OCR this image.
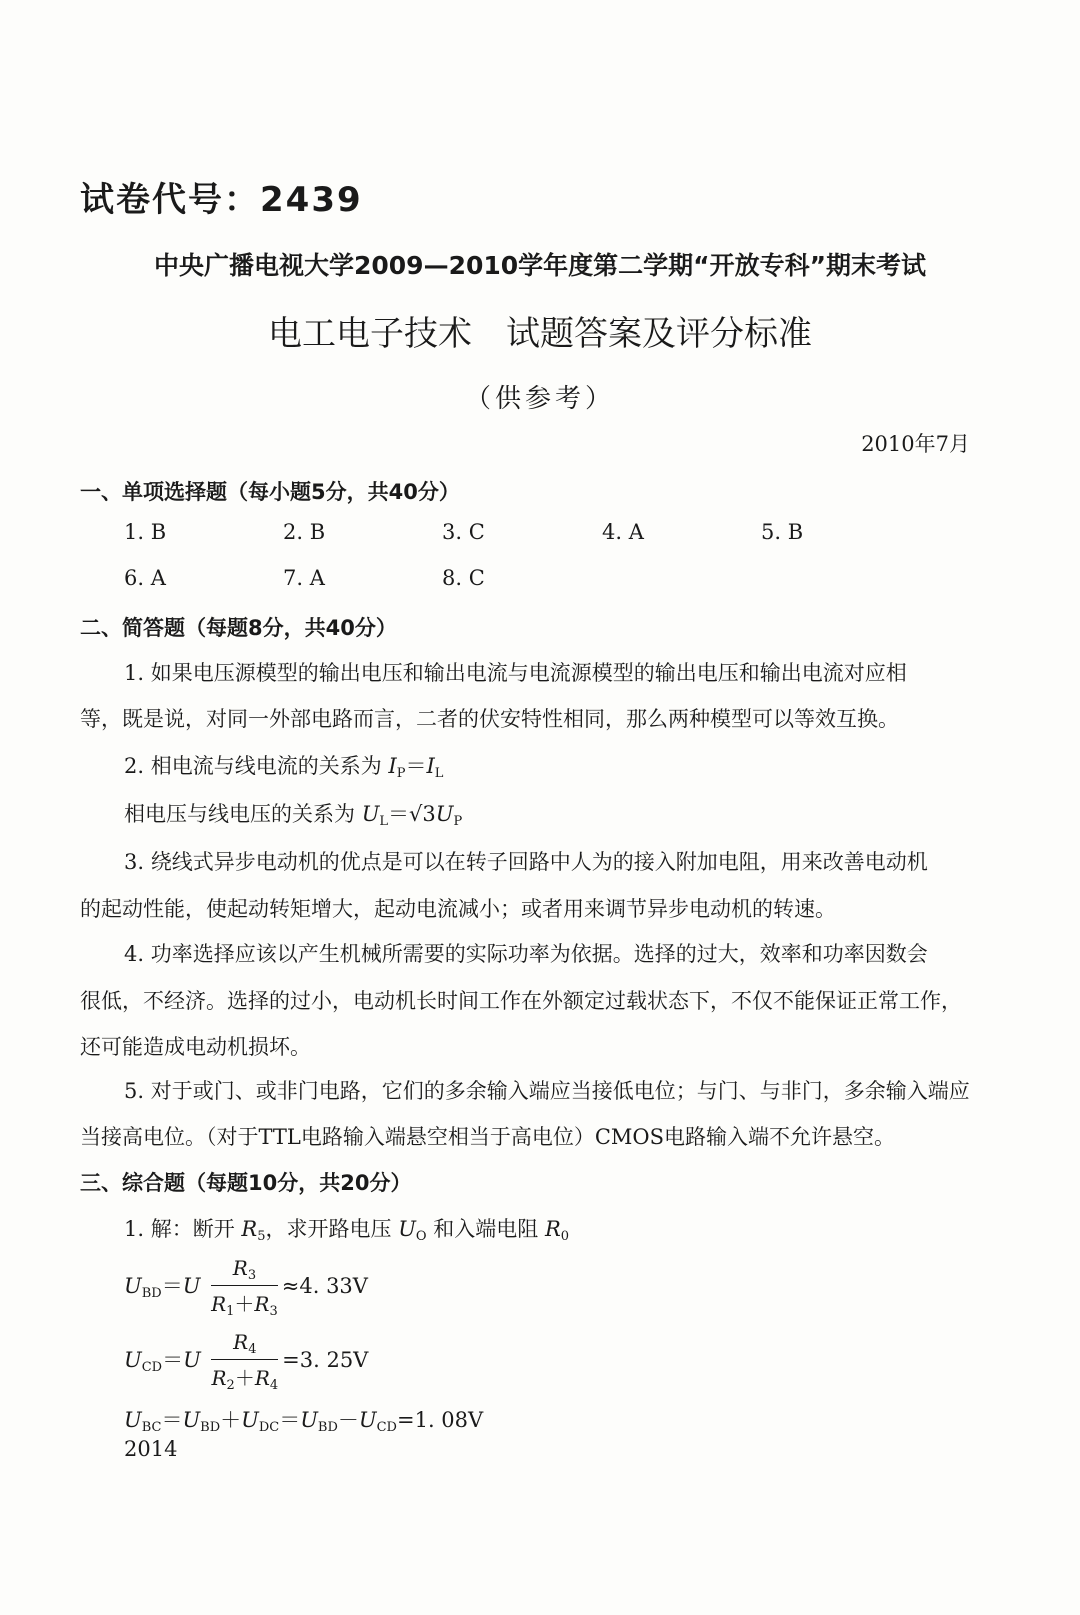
试卷代号：2439
中央广播电视大学2009—2010学年度第二学期“开放专科”期末考试
电工电子技术　试题答案及评分标准
（供参考）
2010年7月
一、单项选择题（每小题5分，共40分）
1. B	2. B	3. C	4. A	5. B
6. A	7. A	8. C
二、简答题（每题8分，共40分）
1. 如果电压源模型的输出电压和输出电流与电流源模型的输出电压和输出电流对应相
等，既是说，对同一外部电路而言，二者的伏安特性相同，那么两种模型可以等效互换。
2. 相电流与线电流的关系为 $I_P=I_L$
相电压与线电压的关系为 $U_L=√3U_P$
3. 绕线式异步电动机的优点是可以在转子回路中人为的接入附加电阻，用来改善电动机
的起动性能，使起动转矩增大，起动电流减小；或者用来调节异步电动机的转速。
4. 功率选择应该以产生机械所需要的实际功率为依据。选择的过大，效率和功率因数会
很低，不经济。选择的过小，电动机长时间工作在外额定过载状态下，不仅不能保证正常工作，
还可能造成电动机损坏。
5. 对于或门、或非门电路，它们的多余输入端应当接低电位；与门、与非门，多余输入端应
当接高电位。（对于TTL电路输入端悬空相当于高电位）CMOS电路输入端不允许悬空。
三、综合题（每题10分，共20分）
1. 解：断开 $R_5$，求开路电压 $U_O$ 和入端电阻 $R_0$
$U_{BD}=U \frac{R_3}{R_1+R_3} \approx 4$. 33V
$U_{CD}=U \frac{R_4}{R_2+R_4} =3$. 25V
$U_{BC}=U_{BD}+U_{DC}=U_{BD}-U_{CD}=1$. 08V
2014
